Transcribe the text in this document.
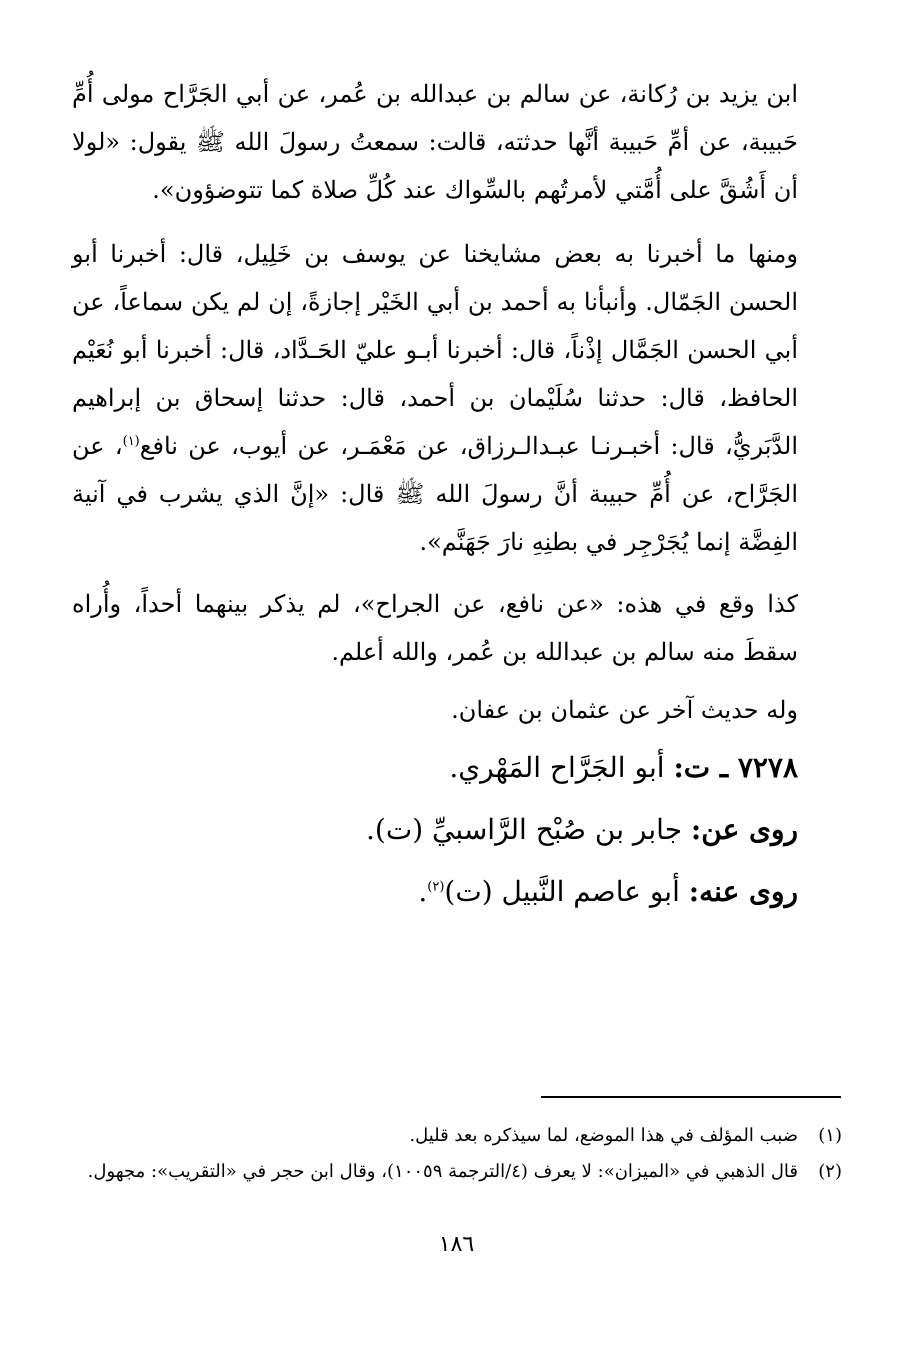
ابن يزيد بن رُكانة، عن سالم بن عبدالله بن عُمر، عن أبي الجَرَّاح مولى أُمِّ حَبيبة، عن أمِّ حَبيبة أنَّها حدثته، قالت: سمعتُ رسولَ الله ﷺ يقول: «لولا أن أَشُقَّ على أُمَّتي لأمرتُهم بالسِّواك عند كُلِّ صلاة كما تتوضؤون».

ومنها ما أخبرنا به بعض مشايخنا عن يوسف بن خَلِيل، قال: أخبرنا أبو الحسن الجَمّال. وأنبأنا به أحمد بن أبي الخَيْر إجازةً، إن لم يكن سماعاً، عن أبي الحسن الجَمَّال إذْناً، قال: أخبرنا أبـو عليّ الحَـدَّاد، قال: أخبرنا أبو نُعَيْم الحافظ، قال: حدثنا سُلَيْمان بن أحمد، قال: حدثنا إسحاق بن إبراهيم الدَّبَريُّ، قال: أخبـرنـا عبـدالـرزاق، عن مَعْمَـر، عن أيوب، عن نافع$^{(١)}$، عن الجَرَّاح، عن أُمِّ حبيبة أنَّ رسولَ الله ﷺ قال: «إنَّ الذي يشرب في آنية الفِضَّة إنما يُجَرْجِر في بطنِهِ نارَ جَهَنَّم».

كذا وقع في هذه: «عن نافع، عن الجراح»، لم يذكر بينهما أحداً، وأُراه سقطَ منه سالم بن عبدالله بن عُمر، والله أعلم.

وله حديث آخر عن عثمان بن عفان.

٧٢٧٨ ـ ت: أبو الجَرَّاح المَهْري.
روى عن: جابر بن صُبْح الرَّاسبيِّ (ت).
روى عنه: أبو عاصم النَّبيل (ت)$^{(٢)}$.
(١)
ضبب المؤلف في هذا الموضع، لما سيذكره بعد قليل.
(٢)
قال الذهبي في «الميزان»: لا يعرف (٤/الترجمة ١٠٠٥٩)، وقال ابن حجر في «التقريب»: مجهول.
١٨٦
